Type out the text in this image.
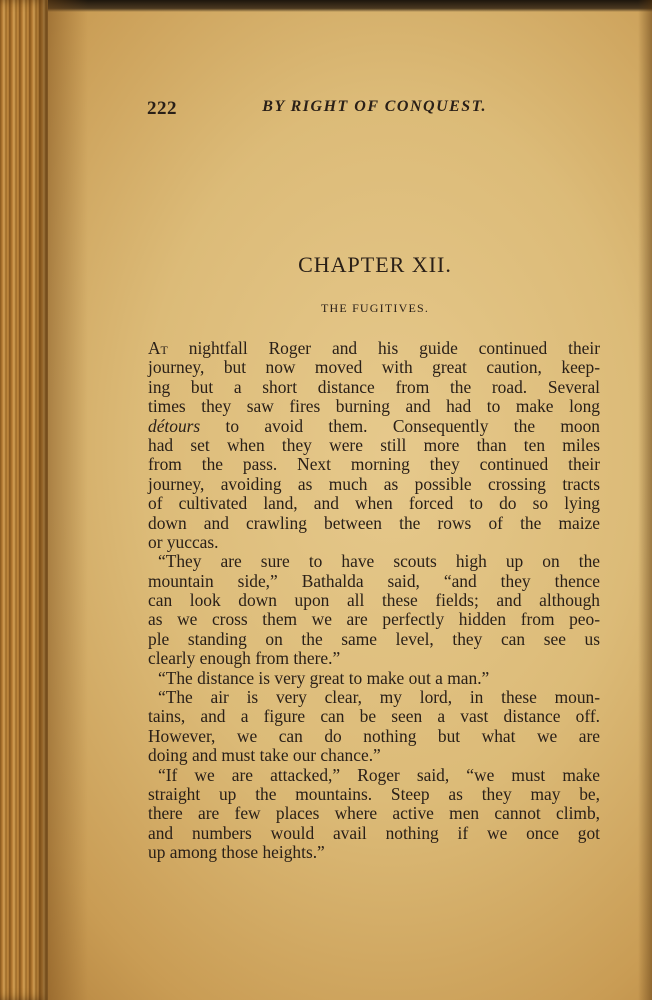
222	BY RIGHT OF CONQUEST.
CHAPTER XII.
THE FUGITIVES.
At nightfall Roger and his guide continued their
journey, but now moved with great caution, keep-
ing but a short distance from the road. Several
times they saw fires burning and had to make long
détours to avoid them. Consequently the moon
had set when they were still more than ten miles
from the pass. Next morning they continued their
journey, avoiding as much as possible crossing tracts
of cultivated land, and when forced to do so lying
down and crawling between the rows of the maize
or yuccas.
“They are sure to have scouts high up on the
mountain side,” Bathalda said, “and they thence
can look down upon all these fields; and although
as we cross them we are perfectly hidden from peo-
ple standing on the same level, they can see us
clearly enough from there.”
“The distance is very great to make out a man.”
“The air is very clear, my lord, in these moun-
tains, and a figure can be seen a vast distance off.
However, we can do nothing but what we are
doing and must take our chance.”
“If we are attacked,” Roger said, “we must make
straight up the mountains. Steep as they may be,
there are few places where active men cannot climb,
and numbers would avail nothing if we once got
up among those heights.”
